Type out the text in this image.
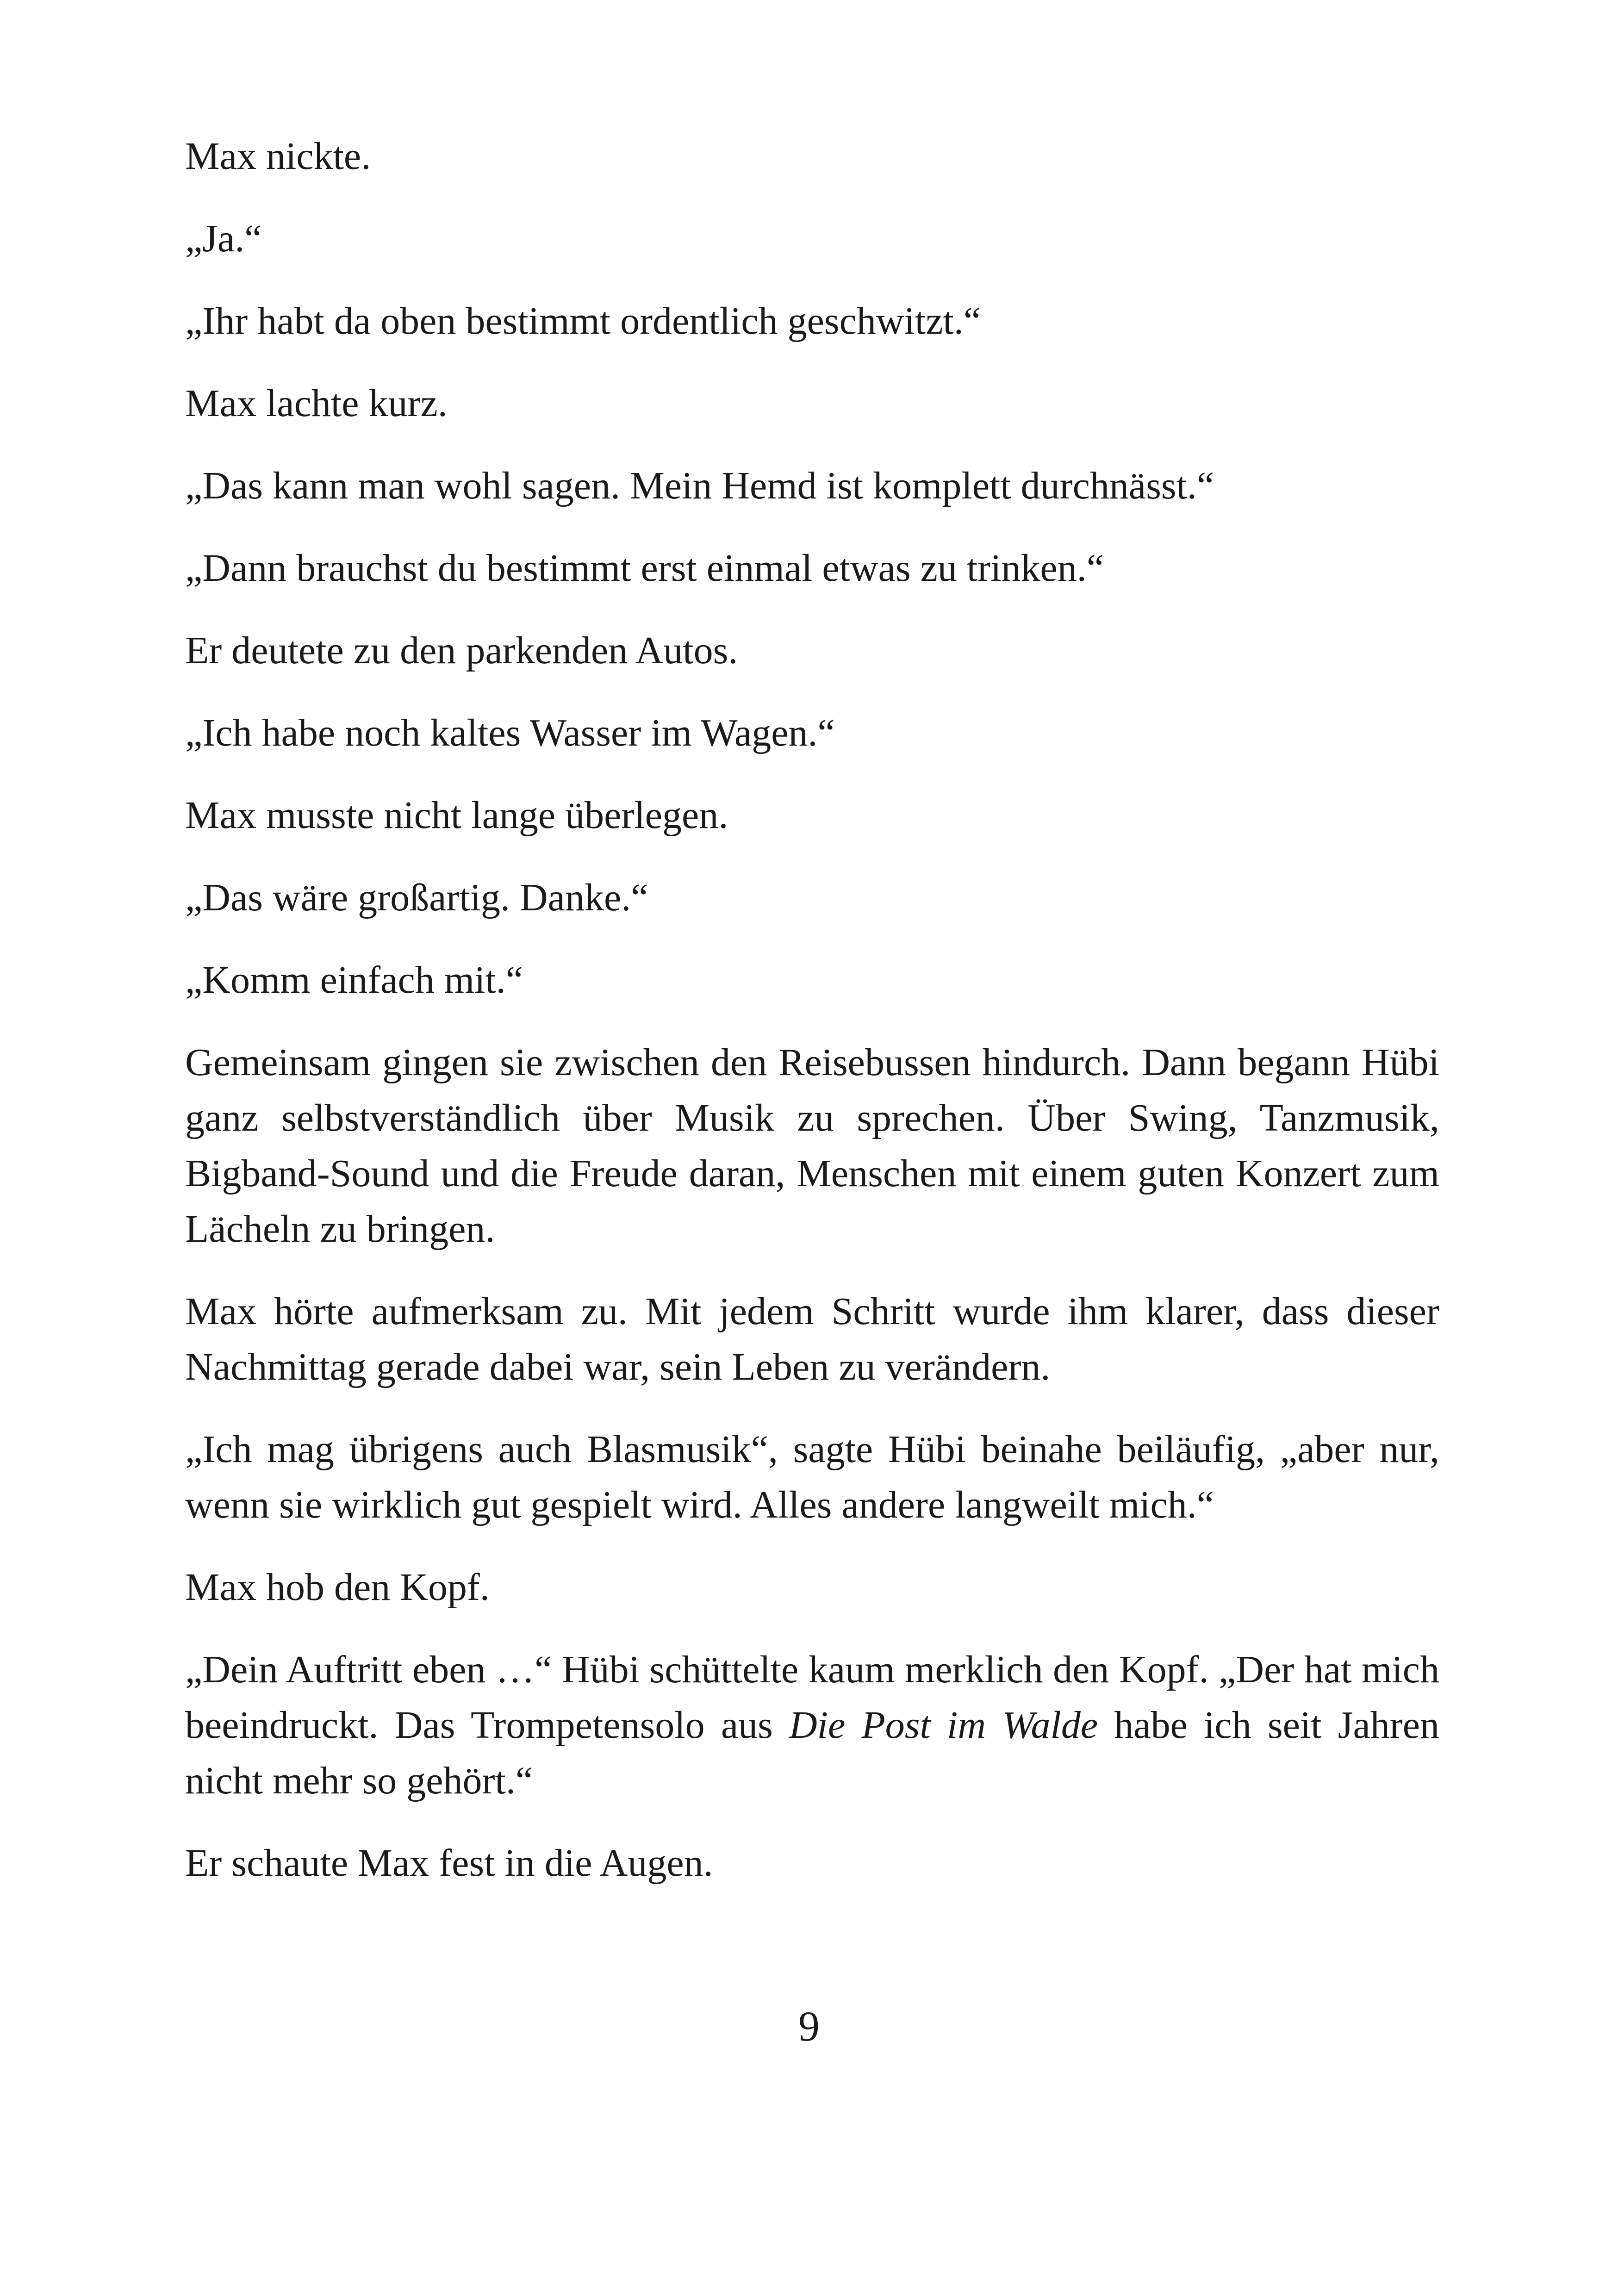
Max nickte.

„Ja.“

„Ihr habt da oben bestimmt ordentlich geschwitzt.“

Max lachte kurz.

„Das kann man wohl sagen. Mein Hemd ist komplett durchnässt.“

„Dann brauchst du bestimmt erst einmal etwas zu trinken.“

Er deutete zu den parkenden Autos.

„Ich habe noch kaltes Wasser im Wagen.“

Max musste nicht lange überlegen.

„Das wäre großartig. Danke.“

„Komm einfach mit.“

Gemeinsam gingen sie zwischen den Reisebussen hindurch. Dann begann Hübi ganz selbstverständlich über Musik zu sprechen. Über Swing, Tanzmusik, Bigband-Sound und die Freude daran, Menschen mit einem guten Konzert zum Lächeln zu bringen.

Max hörte aufmerksam zu. Mit jedem Schritt wurde ihm klarer, dass dieser Nachmittag gerade dabei war, sein Leben zu verändern.

„Ich mag übrigens auch Blasmusik“, sagte Hübi beinahe beiläufig, „aber nur, wenn sie wirklich gut gespielt wird. Alles andere langweilt mich.“

Max hob den Kopf.

„Dein Auftritt eben …“ Hübi schüttelte kaum merklich den Kopf. „Der hat mich beeindruckt. Das Trompetensolo aus Die Post im Walde habe ich seit Jahren nicht mehr so gehört.“

Er schaute Max fest in die Augen.

9
